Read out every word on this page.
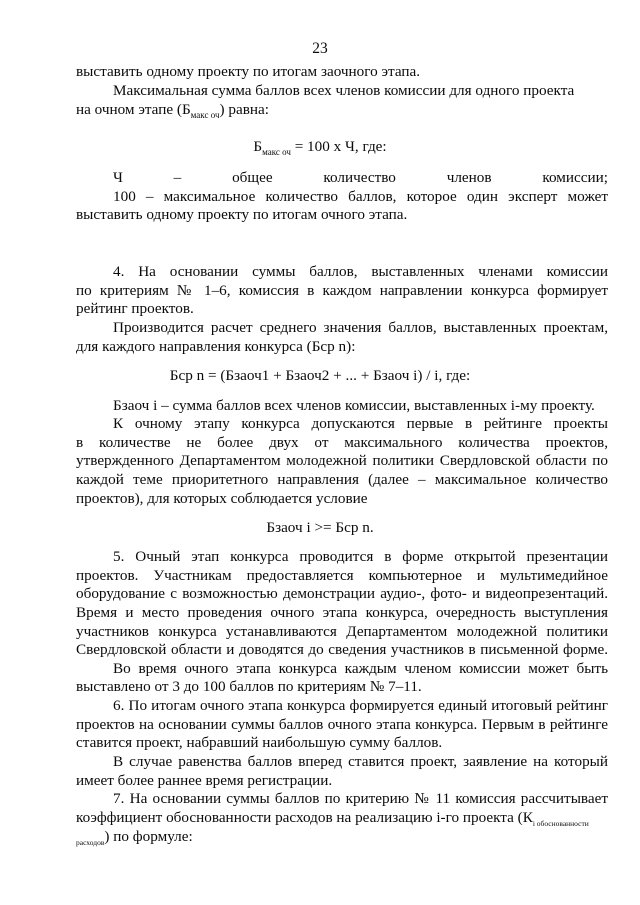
23
выставить одному проекту по итогам заочного этапа.
Максимальная сумма баллов всех членов комиссии для одного проекта
на очном этапе $(Б_{макс оч})$ равна:
$Б_{макс оч} = 100$ х Ч, где:
Ч – общее количество членов комиссии;
100 – максимальное количество баллов, которое один эксперт может
выставить одному проекту по итогам очного этапа.
4. На основании суммы баллов, выставленных членами комиссии
по критериям № 1–6, комиссия в каждом направлении конкурса формирует
рейтинг проектов.
Производится расчет среднего значения баллов, выставленных проектам,
для каждого направления конкурса (Бср n):
Бср n = (Бзаоч1 + Бзаоч2 + ... + Бзаоч i) / i, где:
Бзаоч i – сумма баллов всех членов комиссии, выставленных i-му проекту.
К очному этапу конкурса допускаются первые в рейтинге проекты
в количестве не более двух от максимального количества проектов,
утвержденного Департаментом молодежной политики Свердловской области по
каждой теме приоритетного направления (далее – максимальное количество
проектов), для которых соблюдается условие
Бзаоч i >= Бср n.
5. Очный этап конкурса проводится в форме открытой презентации
проектов. Участникам предоставляется компьютерное и мультимедийное
оборудование с возможностью демонстрации аудио-, фото- и видеопрезентаций.
Время и место проведения очного этапа конкурса, очередность выступления
участников конкурса устанавливаются Департаментом молодежной политики
Свердловской области и доводятся до сведения участников в письменной форме.
Во время очного этапа конкурса каждым членом комиссии может быть
выставлено от 3 до 100 баллов по критериям № 7–11.
6. По итогам очного этапа конкурса формируется единый итоговый рейтинг
проектов на основании суммы баллов очного этапа конкурса. Первым в рейтинге
ставится проект, набравший наибольшую сумму баллов.
В случае равенства баллов вперед ставится проект, заявление на который
имеет более раннее время регистрации.
7. На основании суммы баллов по критерию № 11 комиссия рассчитывает
коэффициент обоснованности расходов на реализацию i-го проекта ($К_{i обоснованности}$
$_{расходов}$) по формуле:
